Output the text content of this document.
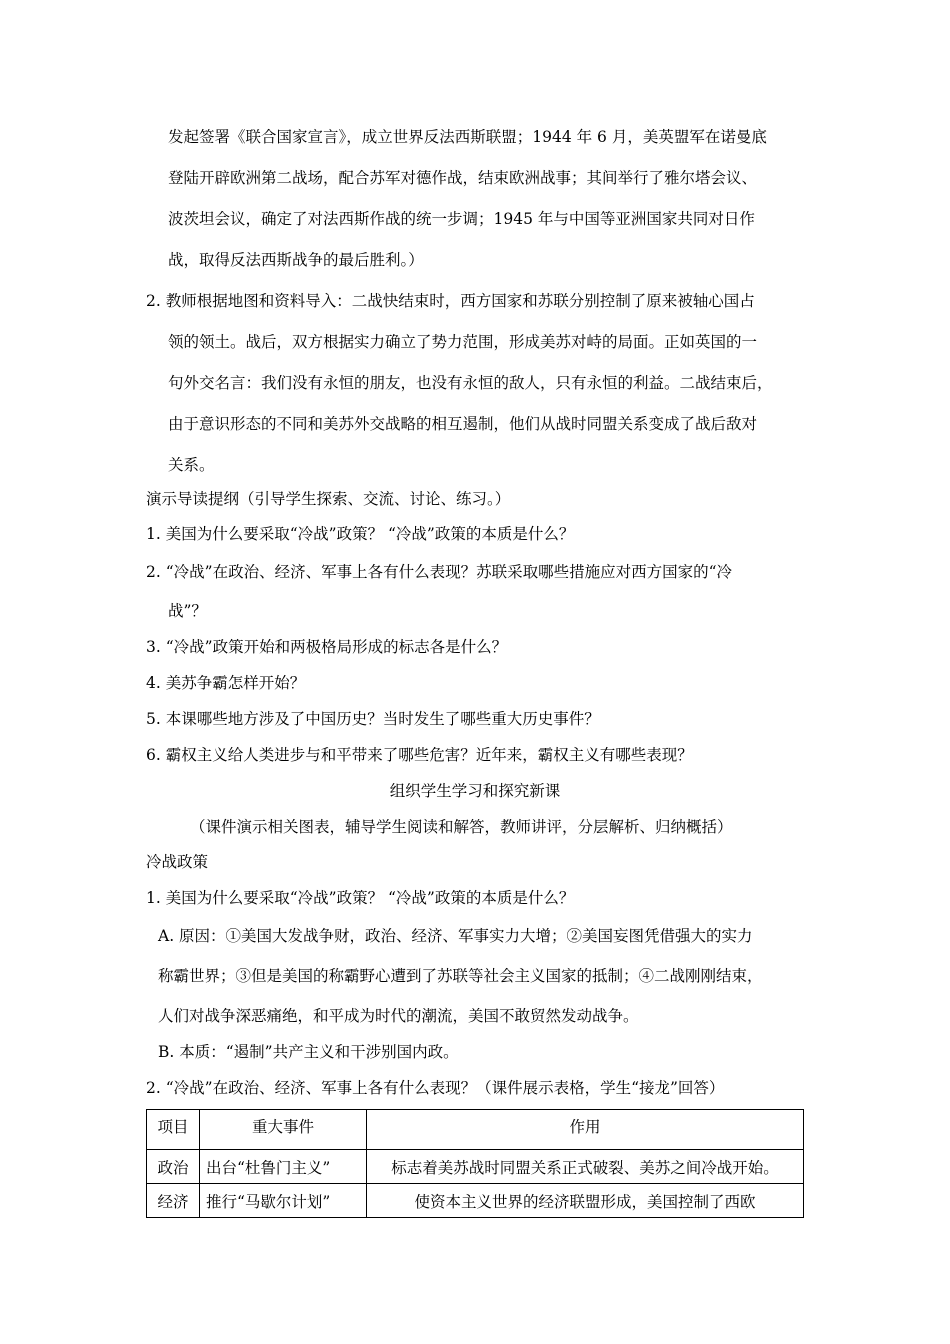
发起签署《联合国家宣言》，成立世界反法西斯联盟；1944 年 6 月，美英盟军在诺曼底
登陆开辟欧洲第二战场，配合苏军对德作战，结束欧洲战事；其间举行了雅尔塔会议、
波茨坦会议，确定了对法西斯作战的统一步调；1945 年与中国等亚洲国家共同对日作
战，取得反法西斯战争的最后胜利。）
2. 教师根据地图和资料导入：二战快结束时，西方国家和苏联分别控制了原来被轴心国占
领的领土。战后，双方根据实力确立了势力范围，形成美苏对峙的局面。正如英国的一
句外交名言：我们没有永恒的朋友，也没有永恒的敌人，只有永恒的利益。二战结束后，
由于意识形态的不同和美苏外交战略的相互遏制，他们从战时同盟关系变成了战后敌对
关系。
演示导读提纲（引导学生探索、交流、讨论、练习。）
1. 美国为什么要采取“冷战”政策？ “冷战”政策的本质是什么？
2. “冷战”在政治、经济、军事上各有什么表现？苏联采取哪些措施应对西方国家的“冷
战”？
3. “冷战”政策开始和两极格局形成的标志各是什么？
4. 美苏争霸怎样开始？
5. 本课哪些地方涉及了中国历史？当时发生了哪些重大历史事件？
6. 霸权主义给人类进步与和平带来了哪些危害？近年来，霸权主义有哪些表现？
组织学生学习和探究新课
（课件演示相关图表，辅导学生阅读和解答，教师讲评，分层解析、归纳概括）
冷战政策
1. 美国为什么要采取“冷战”政策？ “冷战”政策的本质是什么？
A. 原因：①美国大发战争财，政治、经济、军事实力大增；②美国妄图凭借强大的实力
称霸世界；③但是美国的称霸野心遭到了苏联等社会主义国家的抵制；④二战刚刚结束，
人们对战争深恶痛绝，和平成为时代的潮流，美国不敢贸然发动战争。
B. 本质：“遏制”共产主义和干涉别国内政。
2. “冷战”在政治、经济、军事上各有什么表现？（课件展示表格，学生“接龙”回答）
项目	重大事件	作用
政治	出台“杜鲁门主义”	标志着美苏战时同盟关系正式破裂、美苏之间冷战开始。
经济	推行“马歇尔计划”	使资本主义世界的经济联盟形成，美国控制了西欧
